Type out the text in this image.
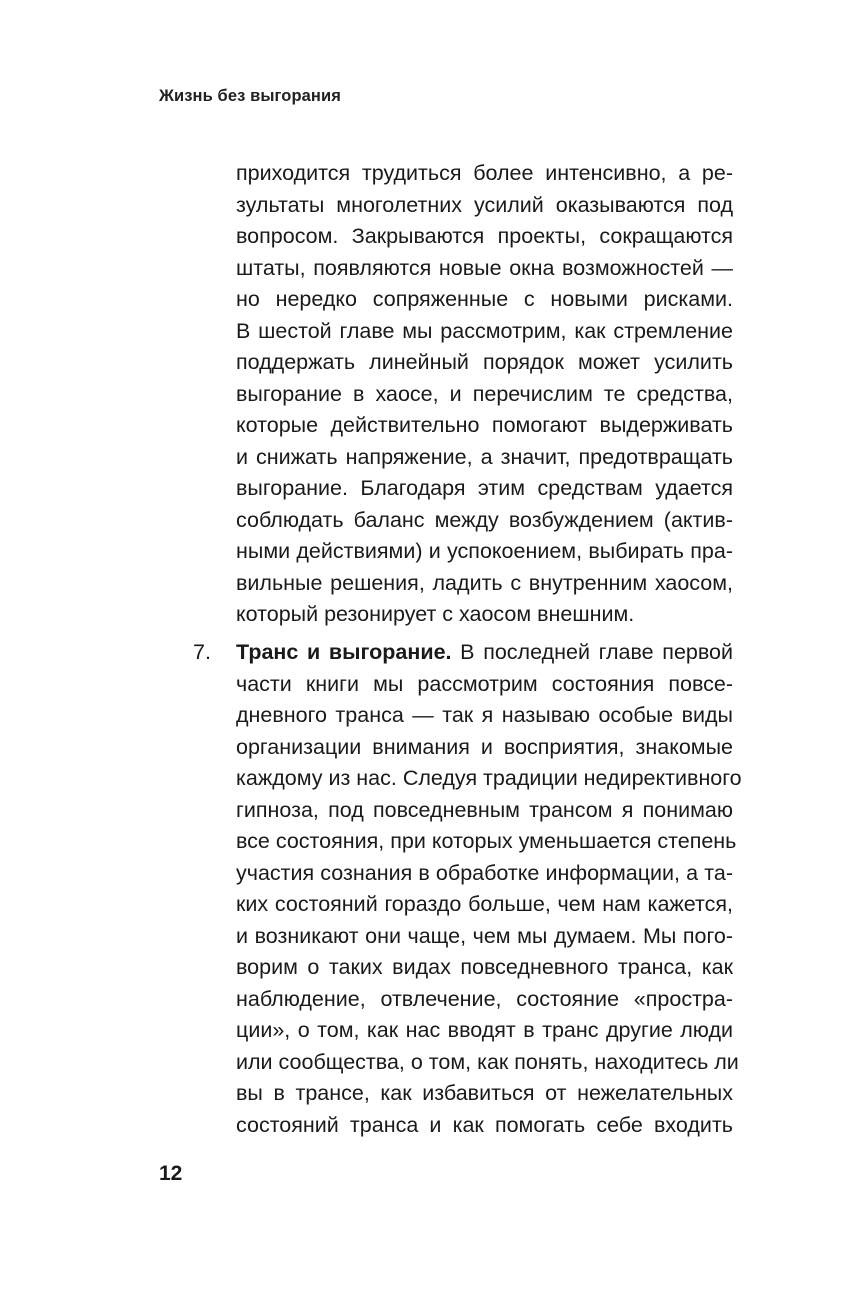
Жизнь без выгорания
приходится трудиться более интенсивно, а ре-
зультаты многолетних усилий оказываются под
вопросом. Закрываются проекты, сокращаются
штаты, появляются новые окна возможностей —
но нередко сопряженные с новыми рисками.
В шестой главе мы рассмотрим, как стремление
поддержать линейный порядок может усилить
выгорание в хаосе, и перечислим те средства,
которые действительно помогают выдерживать
и снижать напряжение, а значит, предотвращать
выгорание. Благодаря этим средствам удается
соблюдать баланс между возбуждением (актив-
ными действиями) и успокоением, выбирать пра-
вильные решения, ладить с внутренним хаосом,
который резонирует с хаосом внешним.
7. Транс и выгорание. В последней главе первой
части книги мы рассмотрим состояния повсе-
дневного транса — так я называю особые виды
организации внимания и восприятия, знакомые
каждому из нас. Следуя традиции недирективного
гипноза, под повседневным трансом я понимаю
все состояния, при которых уменьшается степень
участия сознания в обработке информации, а та-
ких состояний гораздо больше, чем нам кажется,
и возникают они чаще, чем мы думаем. Мы пого-
ворим о таких видах повседневного транса, как
наблюдение, отвлечение, состояние «простра-
ции», о том, как нас вводят в транс другие люди
или сообщества, о том, как понять, находитесь ли
вы в трансе, как избавиться от нежелательных
состояний транса и как помогать себе входить
12
